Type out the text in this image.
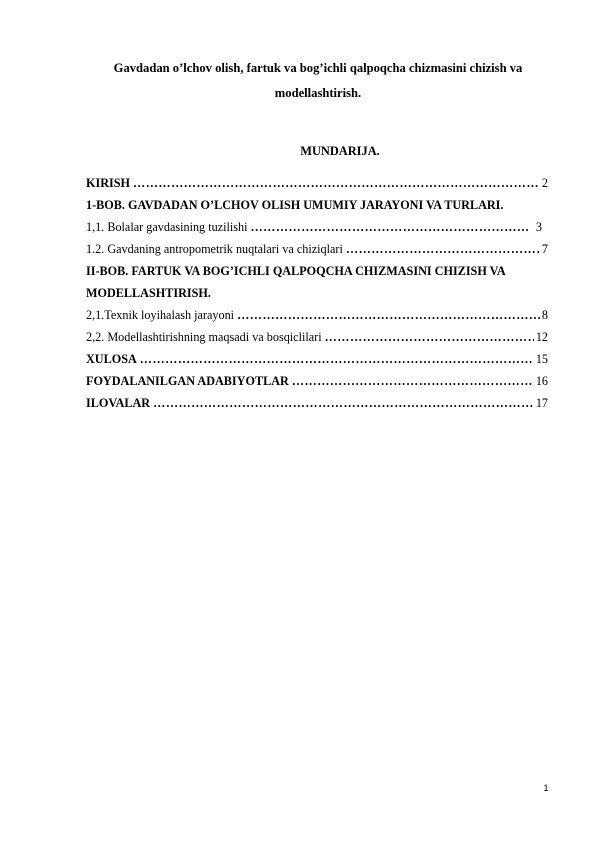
Gavdadan o’lchov olish, fartuk va bog’ichli qalpoqcha chizmasini chizish va modellashtirish.
MUNDARIJA.
KIRISH …………………………………………………………………………………………………………………………………………………………………………	2
1-BOB. GAVDADAN O’LCHOV OLISH UMUMIY JARAYONI VA TURLARI.
1,1. Bolalar gavdasining tuzilishi …………………………………………………………………………………………………………………………………………………………………………	3
1.2. Gavdaning antropometrik nuqtalari va chiziqlari …………………………………………………………………………………………………………………………………………………………………………	7
II-BOB. FARTUK VA BOG’ICHLI QALPOQCHA CHIZMASINI CHIZISH VA MODELLASHTIRISH.
2,1.Texnik loyihalash jarayoni …………………………………………………………………………………………………………………………………………………………………………	8
2,2. Modellashtirishning maqsadi va bosqiclilari …………………………………………………………………………………………………………………………………………………………………………	12
XULOSA …………………………………………………………………………………………………………………………………………………………………………	15
FOYDALANILGAN ADABIYOTLAR …………………………………………………………………………………………………………………………………………………………………………	16
ILOVALAR …………………………………………………………………………………………………………………………………………………………………………	17
1
